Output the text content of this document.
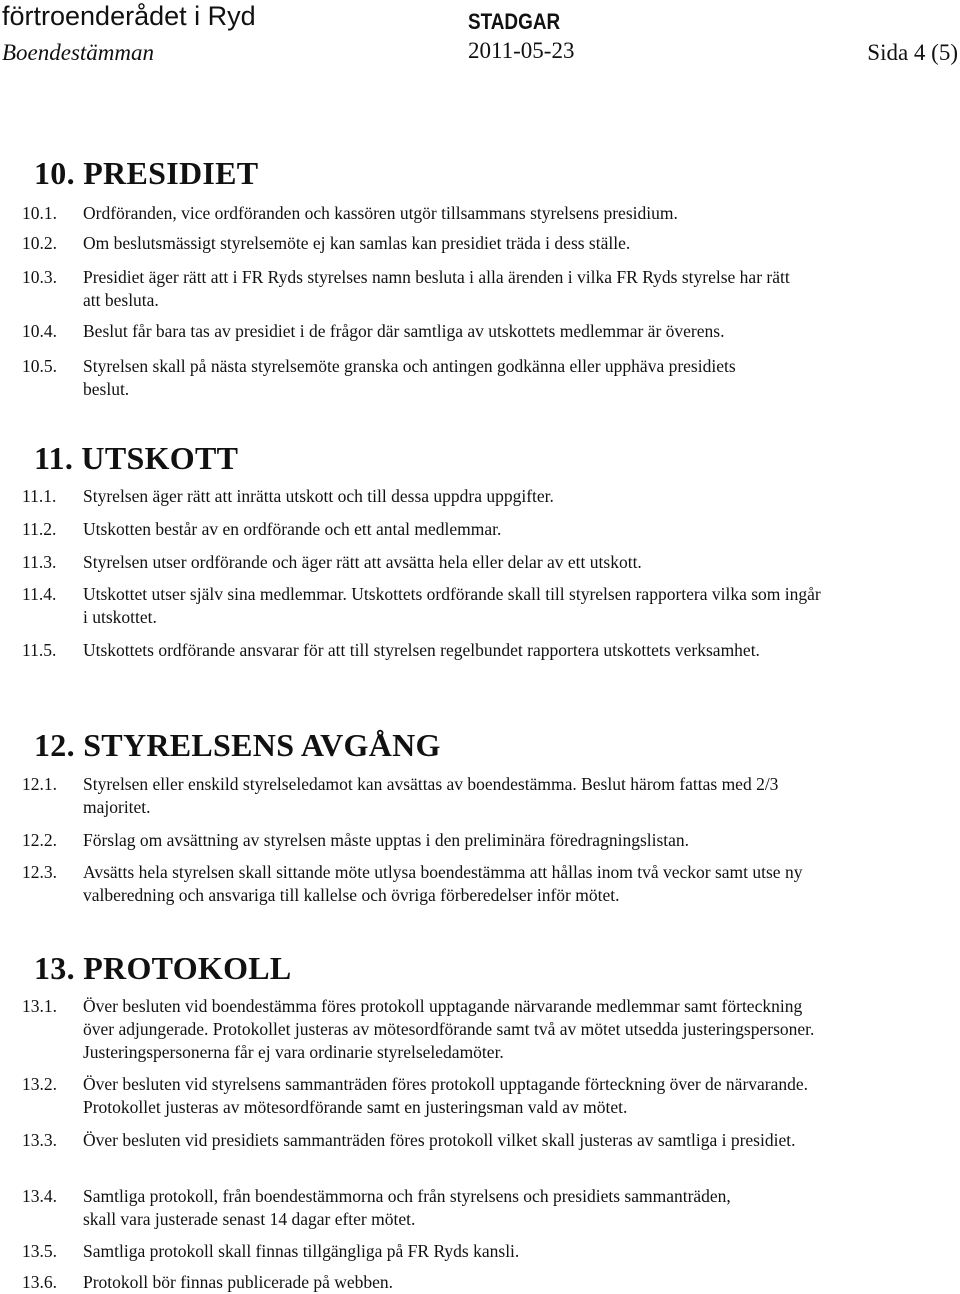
förtroenderådet i Ryd
Boendestämman
STADGAR
2011-05-23	Sida 4 (5)
10. PRESIDIET
10.1.	Ordföranden, vice ordföranden och kassören utgör tillsammans styrelsens presidium.
10.2.	Om beslutsmässigt styrelsemöte ej kan samlas kan presidiet träda i dess ställe.
10.3.	Presidiet äger rätt att i FR Ryds styrelses namn besluta i alla ärenden i vilka FR Ryds styrelse har rätt att besluta.
10.4.	Beslut får bara tas av presidiet i de frågor där samtliga av utskottets medlemmar är överens.
10.5.	Styrelsen skall på nästa styrelsemöte granska och antingen godkänna eller upphäva presidiets beslut.
11. UTSKOTT
11.1.	Styrelsen äger rätt att inrätta utskott och till dessa uppdra uppgifter.
11.2.	Utskotten består av en ordförande och ett antal medlemmar.
11.3.	Styrelsen utser ordförande och äger rätt att avsätta hela eller delar av ett utskott.
11.4.	Utskottet utser själv sina medlemmar. Utskottets ordförande skall till styrelsen rapportera vilka som ingår i utskottet.
11.5.	Utskottets ordförande ansvarar för att till styrelsen regelbundet rapportera utskottets verksamhet.
12. STYRELSENS AVGÅNG
12.1.	Styrelsen eller enskild styrelseledamot kan avsättas av boendestämma. Beslut härom fattas med 2/3 majoritet.
12.2.	Förslag om avsättning av styrelsen måste upptas i den preliminära föredragningslistan.
12.3.	Avsätts hela styrelsen skall sittande möte utlysa boendestämma att hållas inom två veckor samt utse ny valberedning och ansvariga till kallelse och övriga förberedelser inför mötet.
13. PROTOKOLL
13.1.	Över besluten vid boendestämma föres protokoll upptagande närvarande medlemmar samt förteckning över adjungerade. Protokollet justeras av mötesordförande samt två av mötet utsedda justeringspersoner. Justeringspersonerna får ej vara ordinarie styrelseledamöter.
13.2.	Över besluten vid styrelsens sammanträden föres protokoll upptagande förteckning över de närvarande. Protokollet justeras av mötesordförande samt en justeringsman vald av mötet.
13.3.	Över besluten vid presidiets sammanträden föres protokoll vilket skall justeras av samtliga i presidiet.
13.4.	Samtliga protokoll, från boendestämmorna och från styrelsens och presidiets sammanträden, skall vara justerade senast 14 dagar efter mötet.
13.5.	Samtliga protokoll skall finnas tillgängliga på FR Ryds kansli.
13.6.	Protokoll bör finnas publicerade på webben.
